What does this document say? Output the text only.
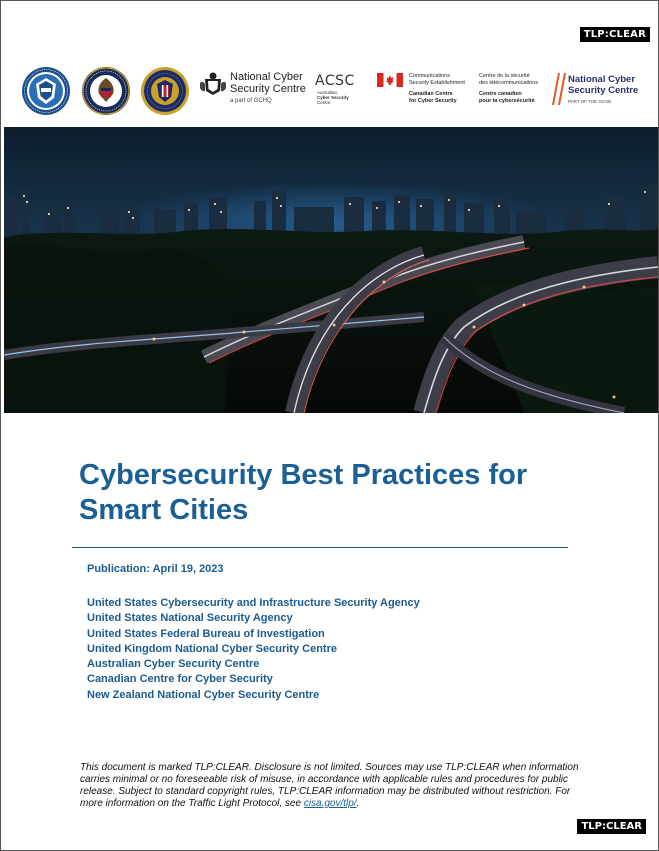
TLP:CLEAR
National Cyber
Security Centre
a part of GCHQ
ACSC
Australian
Cyber Security
Centre
Communications
Security Establishment
Canadian Centre
for Cyber Security
Centre de la sécurité
des télécommunications
Centre canadien
pour la cybersécurité
National Cyber
Security Centre
PART OF THE GCSB
Cybersecurity Best Practices for
Smart Cities
Publication: April 19, 2023
United States Cybersecurity and Infrastructure Security Agency
United States National Security Agency
United States Federal Bureau of Investigation
United Kingdom National Cyber Security Centre
Australian Cyber Security Centre
Canadian Centre for Cyber Security
New Zealand National Cyber Security Centre

This document is marked TLP:CLEAR. Disclosure is not limited. Sources may use TLP:CLEAR when information carries minimal or no foreseeable risk of misuse, in accordance with applicable rules and procedures for public release. Subject to standard copyright rules, TLP:CLEAR information may be distributed without restriction. For more information on the Traffic Light Protocol, see cisa.gov/tlp/.

TLP:CLEAR
